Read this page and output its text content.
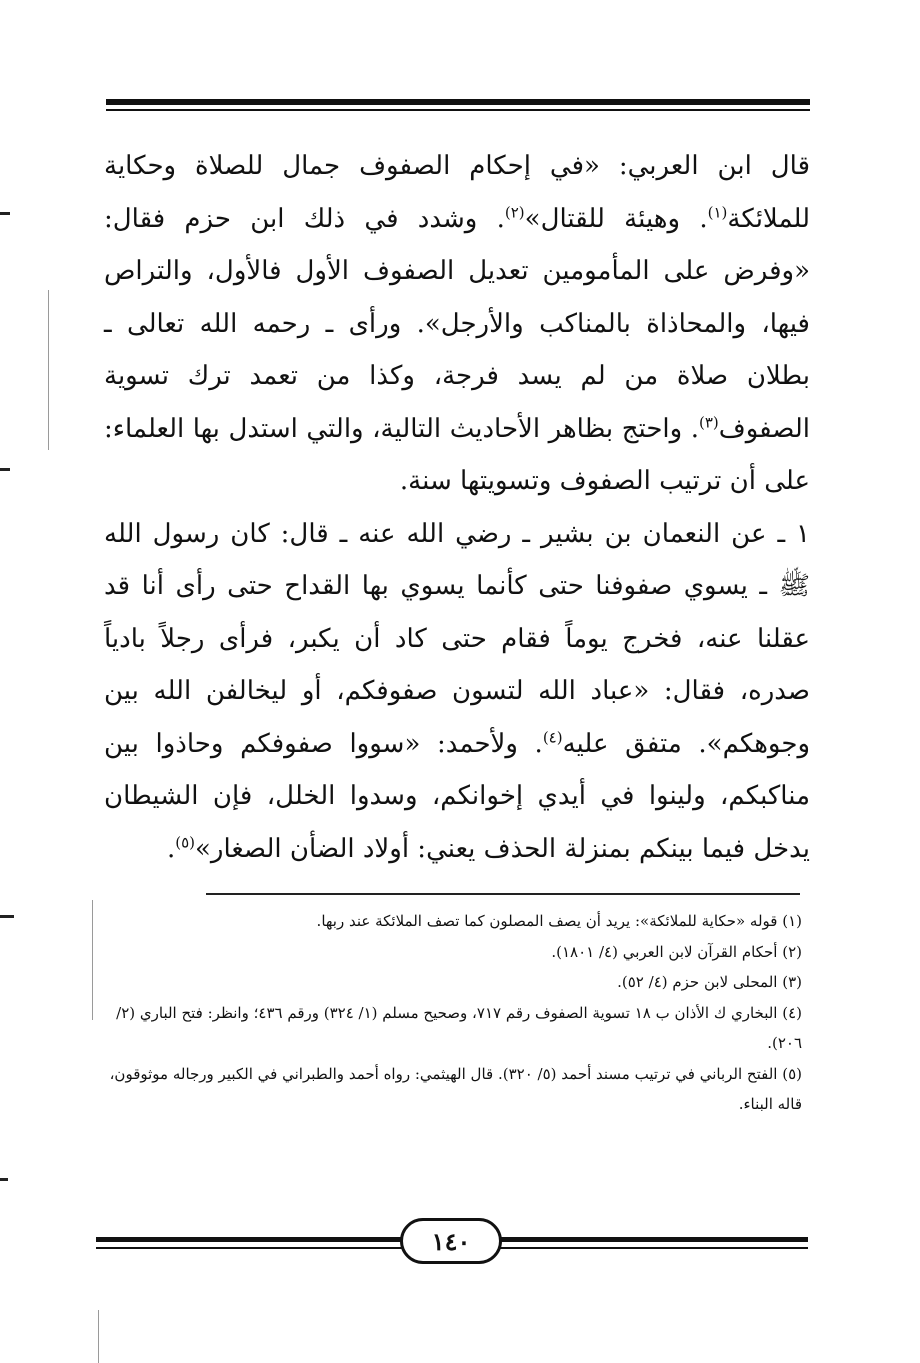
قال ابن العربي: «في إحكام الصفوف جمال للصلاة وحكاية للملائكة$^{(١)}$. وهيئة للقتال»$^{(٢)}$. وشدد في ذلك ابن حزم فقال: «وفرض على المأمومين تعديل الصفوف الأول فالأول، والتراص فيها، والمحاذاة بالمناكب والأرجل». ورأى ـ رحمه الله تعالى ـ بطلان صلاة من لم يسد فرجة، وكذا من تعمد ترك تسوية الصفوف$^{(٣)}$. واحتج بظاهر الأحاديث التالية، والتي استدل بها العلماء: على أن ترتيب الصفوف وتسويتها سنة.

١ ـ عن النعمان بن بشير ـ رضي الله عنه ـ قال: كان رسول الله ﷺ ـ يسوي صفوفنا حتى كأنما يسوي بها القداح حتى رأى أنا قد عقلنا عنه، فخرج يوماً فقام حتى كاد أن يكبر، فرأى رجلاً بادياً صدره، فقال: «عباد الله لتسون صفوفكم، أو ليخالفن الله بين وجوهكم». متفق عليه$^{(٤)}$. ولأحمد: «سووا صفوفكم وحاذوا بين مناكبكم، ولينوا في أيدي إخوانكم، وسدوا الخلل، فإن الشيطان يدخل فيما بينكم بمنزلة الحذف يعني: أولاد الضأن الصغار»$^{(٥)}$.

(١) قوله «حكاية للملائكة»: يريد أن يصف المصلون كما تصف الملائكة عند ربها.

(٢) أحكام القرآن لابن العربي (٤/ ١٨٠١).

(٣) المحلى لابن حزم (٤/ ٥٢).

(٤) البخاري ك الأذان ب ١٨ تسوية الصفوف رقم ٧١٧، وصحيح مسلم (١/ ٣٢٤) ورقم ٤٣٦؛ وانظر: فتح الباري (٢/ ٢٠٦).

(٥) الفتح الرباني في ترتيب مسند أحمد (٥/ ٣٢٠). قال الهيثمي: رواه أحمد والطبراني في الكبير ورجاله موثوقون، قاله البناء.

١٤٠
